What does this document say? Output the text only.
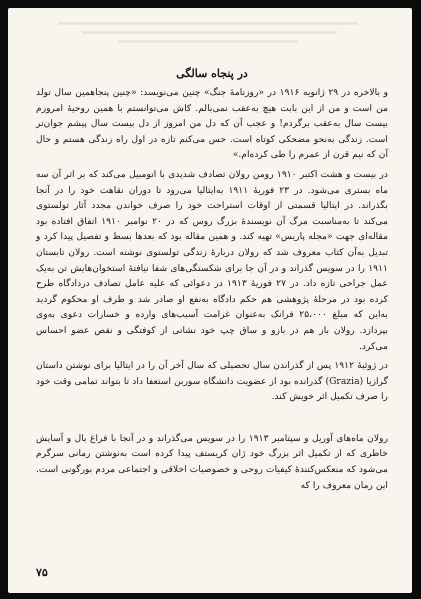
در پنجاه سالگی

و بالاخره در ۲۹ ژانویه ۱۹۱۶ در «روزنامهٔ جنگ» چنین می‌نویسد: «چنین پنجاهمین سال تولد من است و من از این بابت هیچ به‌عقب نمی‌بالم. کاش می‌توانستم با همین روحیهٔ امروزم بیست سال به‌عقب برگردم! و عجب آن که دل من امروز از دل بیست سال پیشم جوان‌تر است. زندگی به‌نحو مضحکی کوتاه است. حس می‌کنم تازه در اول راه زندگی هستم و حال آن که نیم قرن از عمرم را طی کرده‌ام.»

در بیست و هشت اکتبر ۱۹۱۰ رومن رولان تصادف شدیدی با اتومبیل می‌کند که بر اثر آن سه ماه بستری می‌شود. در ۲۳ فوریهٔ ۱۹۱۱ به‌ایتالیا می‌رود تا دوران نقاهت خود را در آنجا بگذراند. در ایتالیا قسمتی از اوقات استراحت خود را صرف خواندن مجدد آثار تولستوی می‌کند تا به‌مناسبت مرگ آن نویسندهٔ بزرگ روس که در ۲۰ نوامبر ۱۹۱۰ اتفاق افتاده بود مقاله‌ای جهت «مجله پاریس» تهیه کند. و همین مقاله بود که بعدها بسط و تفصیل پیدا کرد و تبدیل به‌آن کتاب معروف شد که رولان دربارهٔ زندگی تولستوی نوشته است. رولان تابستان ۱۹۱۱ را در سویس گذراند و در آن جا برای شکستگی‌های شفا نیافتهٔ استخوان‌هایش تن به‌یک عمل جراحی تازه داد. در ۲۷ فوریهٔ ۱۹۱۳ در دعوائی که علیه عامل تصادف دردادگاه طرح کرده بود در مرحلهٔ پژوهشی هم حکم دادگاه به‌نفع او صادر شد و طرف او محکوم گردید به‌این که مبلغ ۲۵،۰۰۰ فرانک به‌عنوان غرامت آسیب‌های وارده و خسارات دعوی به‌وی بپردازد. رولان باز هم در بازو و ساق چپ خود نشانی از کوفتگی و نقص عضو احساس می‌کرد.

در ژوئیهٔ ۱۹۱۲ پس از گذراندن سال تحصیلی که سال آخر آن را در ایتالیا برای نوشتن داستان گرازیا (Grazia) گذرانده بود از عضویت دانشگاه سوربن استعفا داد تا بتواند تمامی وقت خود را صرف تکمیل اثر خویش کند.

رولان ماه‌های آوریل و سپتامبر ۱۹۱۳ را در سویس می‌گذراند و در آنجا با فراغ بال و آسایش خاطری که از تکمیل اثر بزرگ خود ژان کریستف پیدا کرده است به‌نوشتن رمانی سرگرم می‌شود که منعکس‌کنندهٔ کیفیات روحی و خصوصیات اخلاقی و اجتماعی مردم بورگونی است. این رمان معروف را که

۷۵
